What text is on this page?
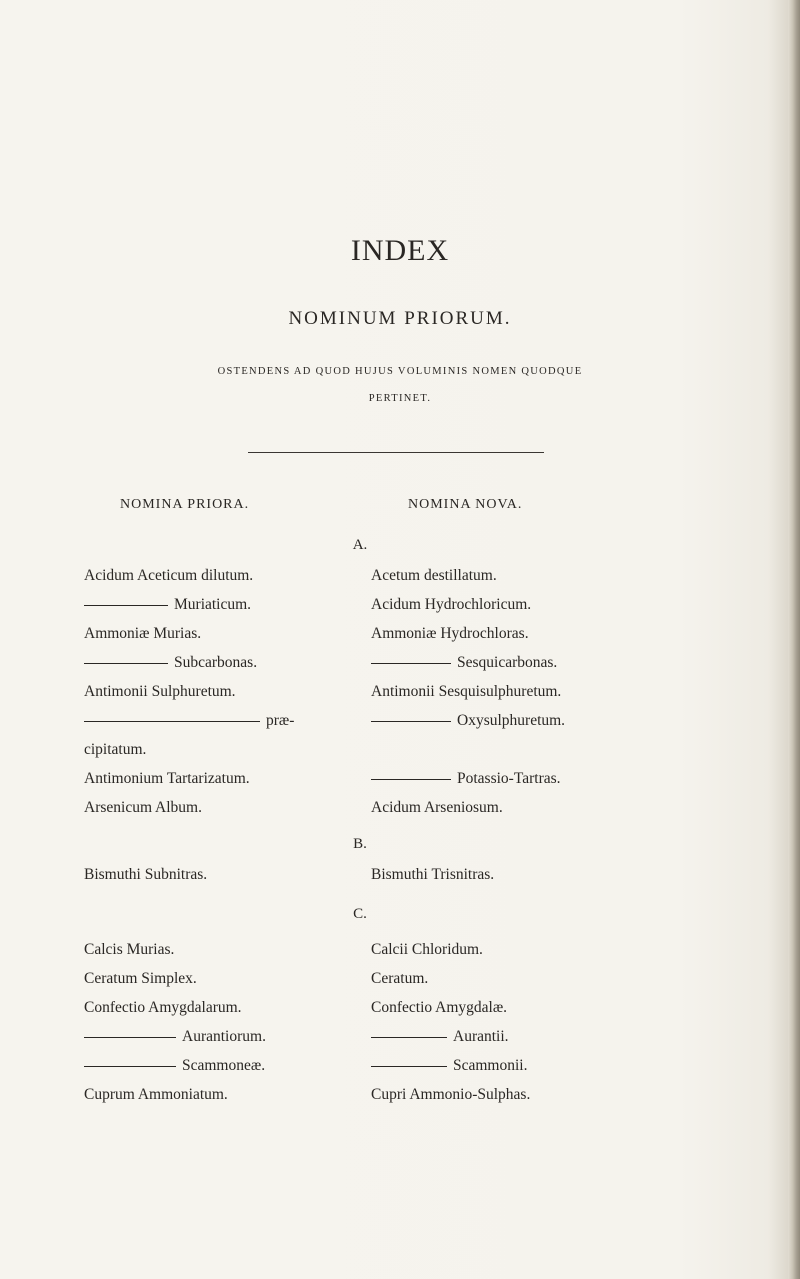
INDEX
NOMINUM PRIORUM.
OSTENDENS AD QUOD HUJUS VOLUMINIS NOMEN QUODQUE
PERTINET.
NOMINA PRIORA.	NOMINA NOVA.
A.
Acidum Aceticum dilutum.
Muriaticum.
Ammoniæ Murias.
Subcarbonas.
Antimonii Sulphuretum.
præ-
cipitatum.
Antimonium Tartarizatum.
Arsenicum Album.
Acetum destillatum.
Acidum Hydrochloricum.
Ammoniæ Hydrochloras.
Sesquicarbonas.
Antimonii Sesquisulphuretum.
Oxysulphuretum.
Potassio-Tartras.
Acidum Arseniosum.
B.
Bismuthi Subnitras.	Bismuthi Trisnitras.
C.
Calcis Murias.
Ceratum Simplex.
Confectio Amygdalarum.
Aurantiorum.
Scammoneæ.
Cuprum Ammoniatum.
Calcii Chloridum.
Ceratum.
Confectio Amygdalæ.
Aurantii.
Scammonii.
Cupri Ammonio-Sulphas.
